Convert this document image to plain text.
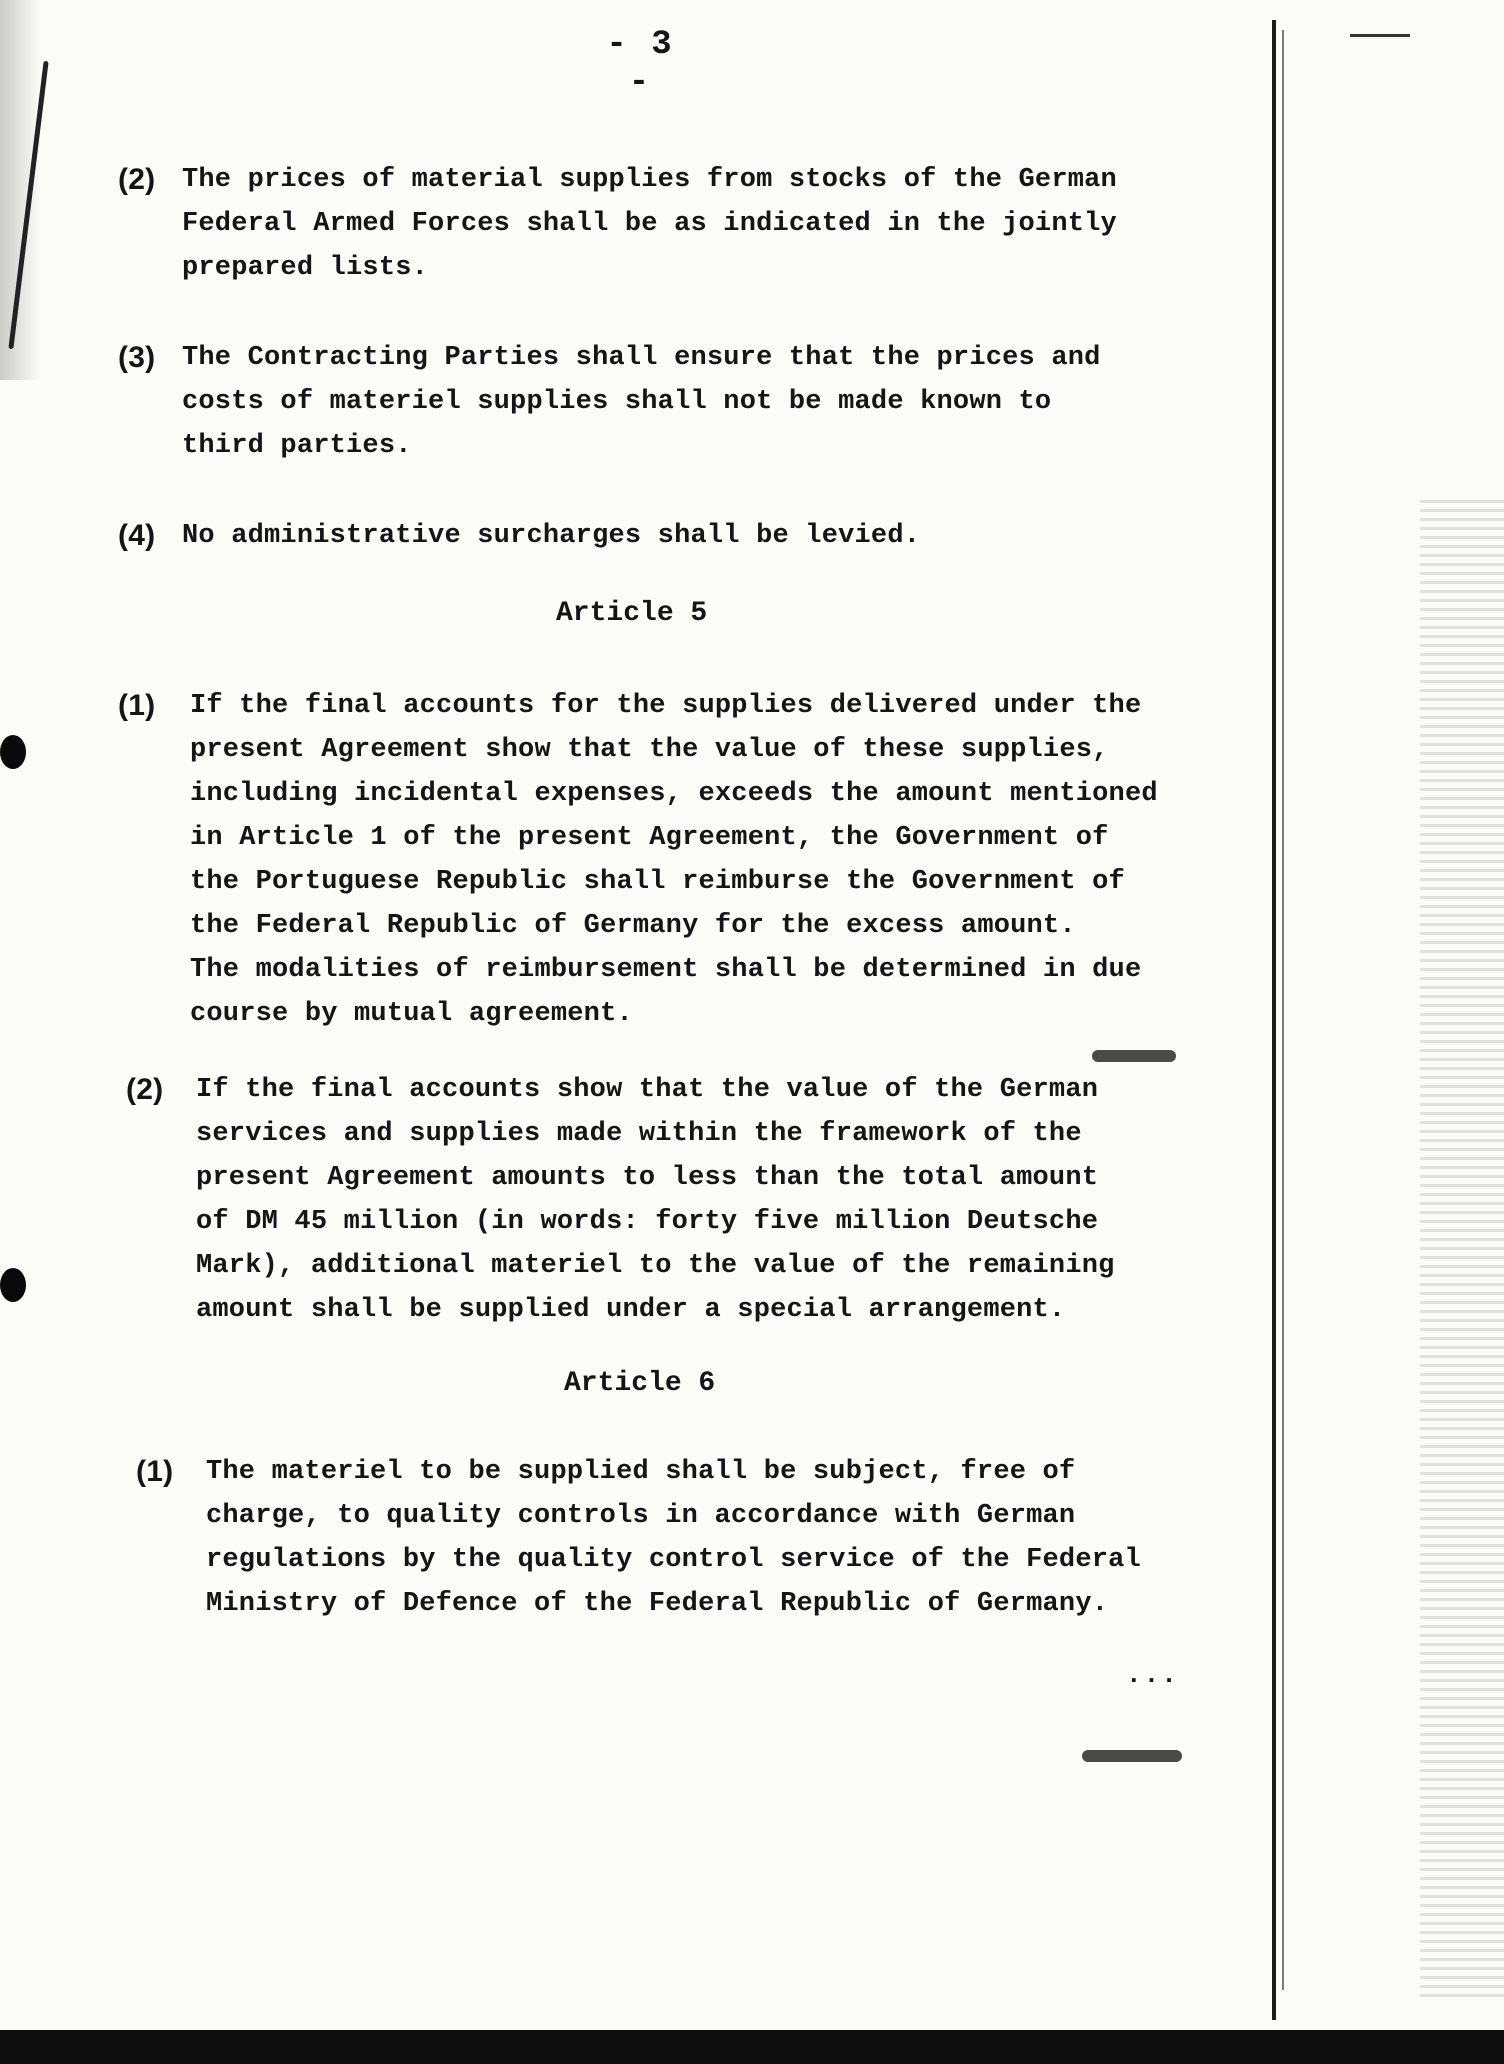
- 3 -
(2) The prices of material supplies from stocks of the German
Federal Armed Forces shall be as indicated in the jointly
prepared lists.
(3) The Contracting Parties shall ensure that the prices and
costs of materiel supplies shall not be made known to
third parties.
(4) No administrative surcharges shall be levied.
Article 5
(1) If the final accounts for the supplies delivered under the
present Agreement show that the value of these supplies,
including incidental expenses, exceeds the amount mentioned
in Article 1 of the present Agreement, the Government of
the Portuguese Republic shall reimburse the Government of
the Federal Republic of Germany for the excess amount.
The modalities of reimbursement shall be determined in due
course by mutual agreement.
(2) If the final accounts show that the value of the German
services and supplies made within the framework of the
present Agreement amounts to less than the total amount
of DM 45 million (in words: forty five million Deutsche
Mark), additional materiel to the value of the remaining
amount shall be supplied under a special arrangement.
Article 6
(1) The materiel to be supplied shall be subject, free of
charge, to quality controls in accordance with German
regulations by the quality control service of the Federal
Ministry of Defence of the Federal Republic of Germany.
...
